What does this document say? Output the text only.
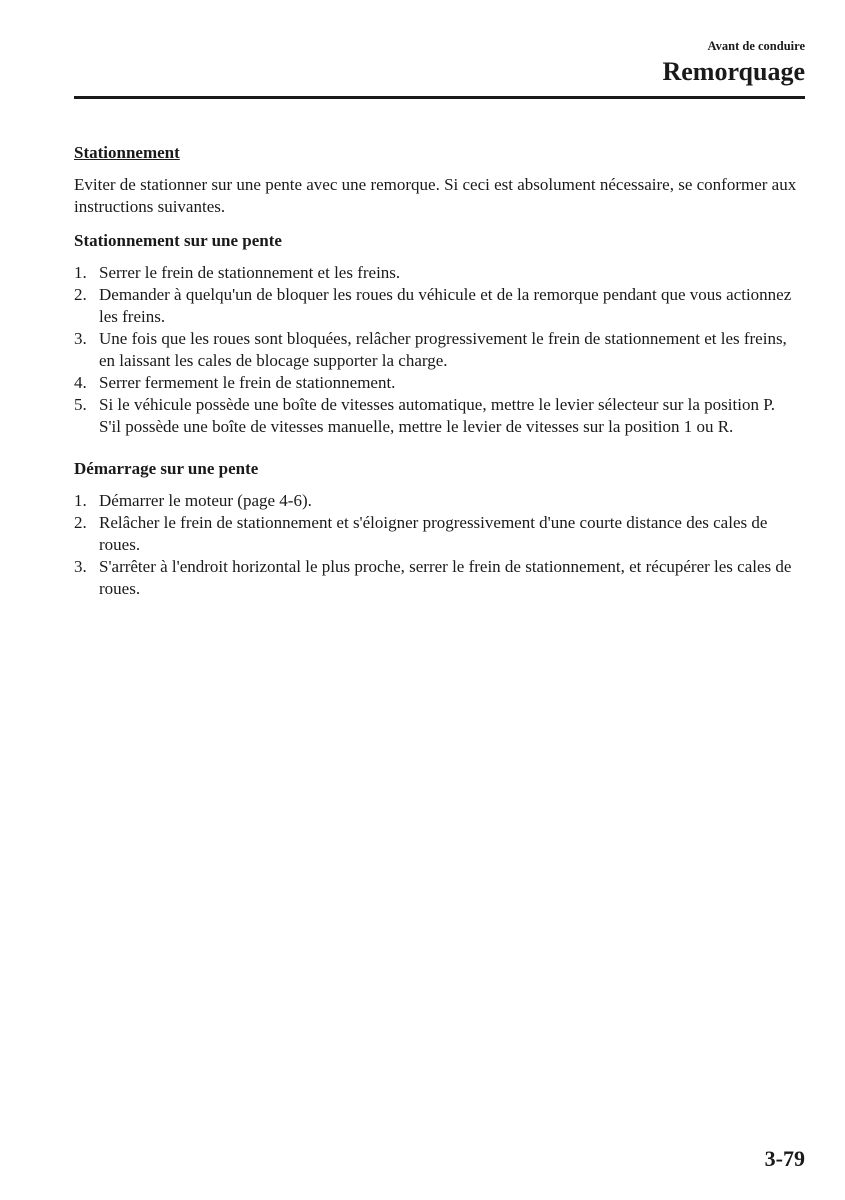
Avant de conduire
Remorquage
Stationnement
Eviter de stationner sur une pente avec une remorque. Si ceci est absolument nécessaire, se conformer aux instructions suivantes.
Stationnement sur une pente
1. Serrer le frein de stationnement et les freins.
2. Demander à quelqu'un de bloquer les roues du véhicule et de la remorque pendant que vous actionnez les freins.
3. Une fois que les roues sont bloquées, relâcher progressivement le frein de stationnement et les freins, en laissant les cales de blocage supporter la charge.
4. Serrer fermement le frein de stationnement.
5. Si le véhicule possède une boîte de vitesses automatique, mettre le levier sélecteur sur la position P. S'il possède une boîte de vitesses manuelle, mettre le levier de vitesses sur la position 1 ou R.
Démarrage sur une pente
1. Démarrer le moteur (page 4-6).
2. Relâcher le frein de stationnement et s'éloigner progressivement d'une courte distance des cales de roues.
3. S'arrêter à l'endroit horizontal le plus proche, serrer le frein de stationnement, et récupérer les cales de roues.
3-79
